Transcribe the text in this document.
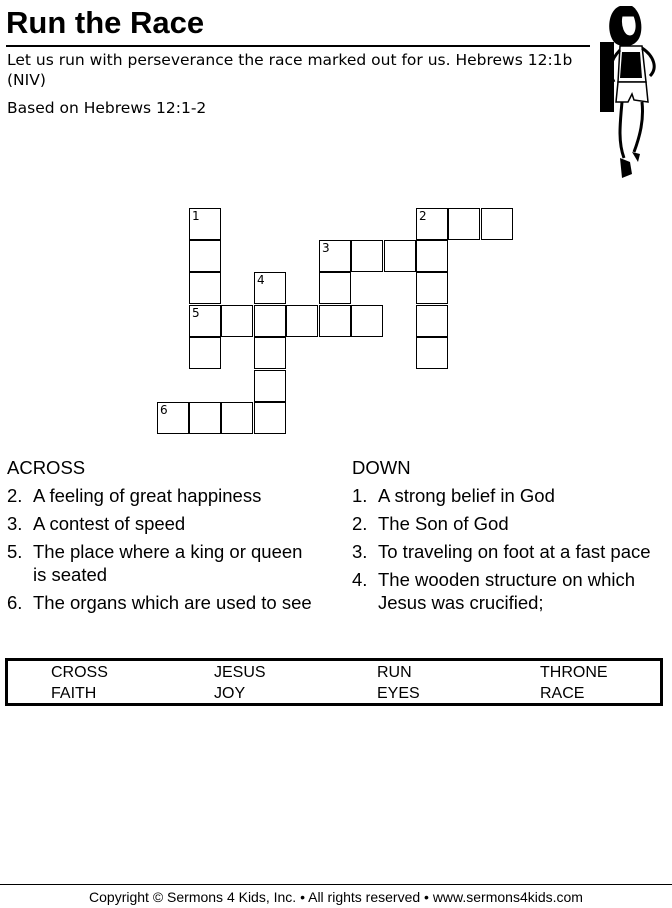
Run the Race
Let us run with perseverance the race marked out for us. Hebrews 12:1b (NIV)
Based on Hebrews 12:1-2
1
5
2
3
4
6
ACROSS
2. A feeling of great happiness
3. A contest of speed
5. The place where a king or queen is seated
6. The organs which are used to see
DOWN
1. A strong belief in God
2. The Son of God
3. To traveling on foot at a fast pace
4. The wooden structure on which Jesus was crucified;
CROSS	JESUS	RUN	THRONE
FAITH	JOY	EYES	RACE
Copyright © Sermons 4 Kids, Inc. • All rights reserved • www.sermons4kids.com
